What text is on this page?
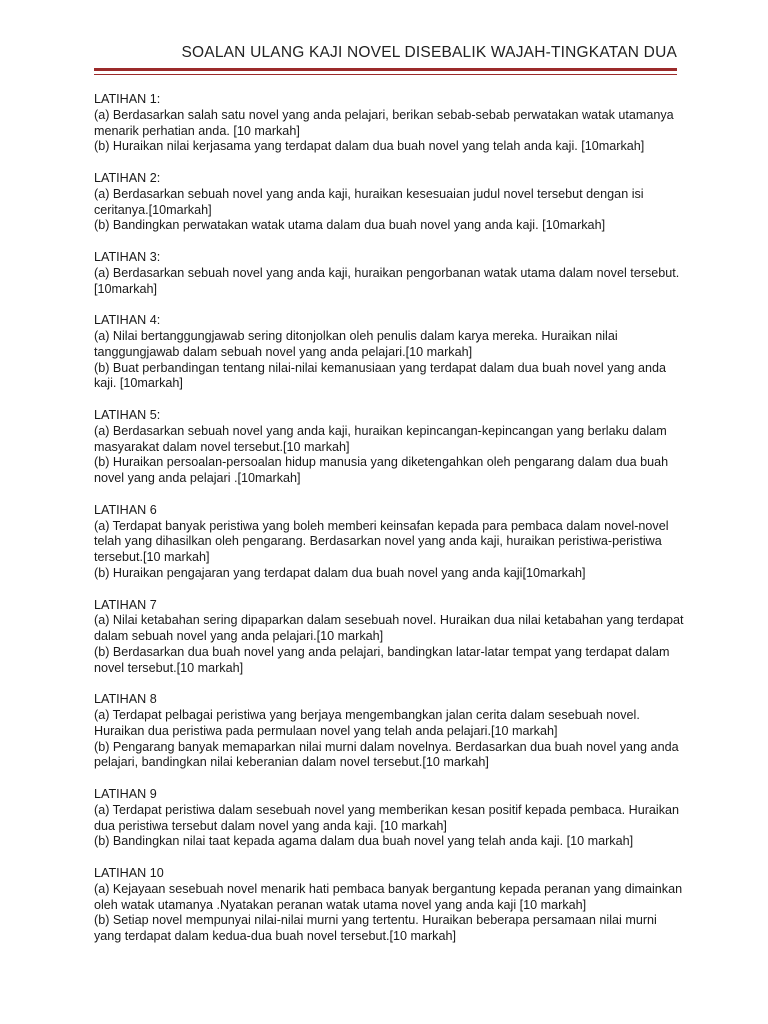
SOALAN ULANG KAJI NOVEL DISEBALIK WAJAH-TINGKATAN DUA
LATIHAN 1:
(a) Berdasarkan salah satu novel yang anda pelajari, berikan sebab-sebab perwatakan watak utamanya menarik perhatian anda. [10 markah]
(b) Huraikan nilai kerjasama yang terdapat dalam dua buah novel yang telah anda kaji. [10markah]
LATIHAN 2:
(a) Berdasarkan sebuah novel yang anda kaji, huraikan kesesuaian judul novel tersebut dengan isi ceritanya.[10markah]
(b) Bandingkan perwatakan watak utama dalam dua buah novel yang anda kaji. [10markah]
LATIHAN 3:
(a) Berdasarkan sebuah novel yang anda kaji, huraikan pengorbanan watak utama dalam novel tersebut.[10markah]
LATIHAN 4:
(a) Nilai bertanggungjawab sering ditonjolkan oleh penulis dalam karya mereka. Huraikan nilai tanggungjawab dalam sebuah novel yang anda pelajari.[10 markah]
(b) Buat perbandingan tentang nilai-nilai kemanusiaan yang terdapat dalam dua buah novel yang anda kaji. [10markah]
LATIHAN 5:
(a) Berdasarkan sebuah novel yang anda kaji, huraikan kepincangan-kepincangan yang berlaku dalam masyarakat dalam novel tersebut.[10 markah]
(b) Huraikan persoalan-persoalan hidup manusia yang diketengahkan oleh pengarang dalam dua buah novel yang anda pelajari .[10markah]
LATIHAN 6
(a) Terdapat banyak peristiwa yang boleh memberi keinsafan kepada para pembaca dalam novel-novel telah yang dihasilkan oleh pengarang. Berdasarkan novel yang anda kaji, huraikan peristiwa-peristiwa tersebut.[10 markah]
(b) Huraikan pengajaran yang terdapat dalam dua buah novel yang anda kaji[10markah]
LATIHAN 7
(a) Nilai ketabahan sering dipaparkan dalam sesebuah novel. Huraikan dua nilai ketabahan yang terdapat dalam sebuah novel yang anda pelajari.[10 markah]
(b) Berdasarkan dua buah novel yang anda pelajari, bandingkan latar-latar tempat yang terdapat dalam novel tersebut.[10 markah]
LATIHAN 8
(a) Terdapat pelbagai peristiwa yang berjaya mengembangkan jalan cerita dalam sesebuah novel. Huraikan dua peristiwa pada permulaan novel yang telah anda pelajari.[10 markah]
(b) Pengarang banyak memaparkan nilai murni dalam novelnya. Berdasarkan dua buah novel yang anda pelajari, bandingkan nilai keberanian dalam novel tersebut.[10 markah]
LATIHAN 9
(a) Terdapat peristiwa dalam sesebuah novel yang memberikan kesan positif kepada pembaca. Huraikan dua peristiwa tersebut dalam novel yang anda kaji. [10 markah]
(b) Bandingkan nilai taat kepada agama dalam dua buah novel yang telah anda kaji. [10 markah]
LATIHAN 10
(a) Kejayaan sesebuah novel menarik hati pembaca banyak bergantung kepada peranan yang dimainkan oleh watak utamanya .Nyatakan peranan watak utama novel yang anda kaji [10 markah]
(b) Setiap novel mempunyai nilai-nilai murni yang tertentu. Huraikan beberapa persamaan nilai murni yang terdapat dalam kedua-dua buah novel tersebut.[10 markah]
